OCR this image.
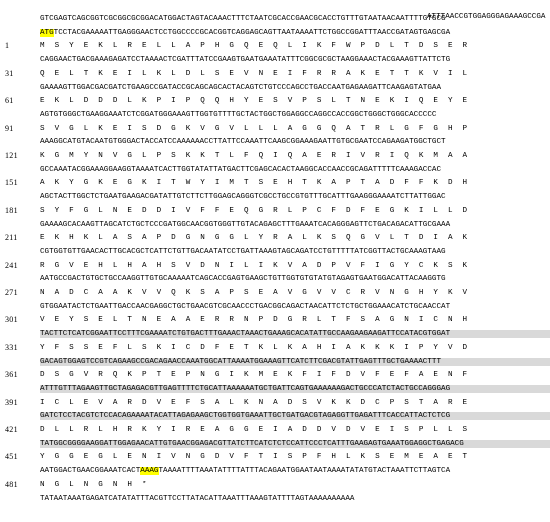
ATTTAACCGTGGAGGGAGAAAGCCGA

GTCGAGTCAGCGGTCGCGGCGCGGACATGGACTAGTACAAACTTTCTAATCGCACCGAACGCACCTGTTTGTAATAACAATTTTGTGCG
ATGTCCTACGAAAAATTGAGGGAACTCCTGGCCCCGCACGGTCAGGAGCAGTTAATAAAATTCTGGCCGGATTTAACCGATAGTGAGCGA
1	M  S  Y  E  K  L  R  E  L  L  A  P  H  G  Q  E  Q  L  I  K  F  W  P  D  L  T  D  S  E  R
CAGGAACTGACGAAAGAGATCCTAAAACTCGATTTATCCGAAGTGAATGAAATATTTCGGCGCGCTAAGGAAACTACGAAAGTTATTCTG
31	Q  E  L  T  K  E  I  L  K  L  D  L  S  E  V  N  E  I  F  R  R  A  K  E  T  T  K  V  I  L
GAAAAGTTGGACGACGATCTGAAGCCGATACCGCAGCAGCACTACAGTCTGTCCCAGCCTGACCAATGAGAAGATTCAAGAGTATGAA
61	E  K  L  D  D  D  L  K  P  I  P  Q  Q  H  Y  E  S  V  P  S  L  T  N  E  K  I  Q  E  Y  E
AGTGTGGGCTGAAGGAAATCTCGGATGGGAAAGTTGGTGTTTTGCTACTGGCTGGAGGCCAGGCCACCGGCTGGGCTGGGCACCCCC
91	S  V  G  L  K  E  I  S  D  G  K  V  G  V  L  L  L  A  G  G  Q  A  T  R  L  G  F  G  H  P
AAAGGCATGTACAATGTGGGACTACCATCCAAAAAACCTTATTCCAAATTCAAGCGGAAAGAATTGTGCGAATCCAGAAGATGGCTGCT
121	K  G  M  Y  N  V  G  L  P  S  K  K  T  L  F  Q  I  Q  A  E  R  I  V  R  I  Q  K  M  A  A
GCCAAATACGGAAAGGAAGGTAAAATCACTTGGTATATTATGACTTCGAGCACACTAAGGCACCAACCGCAGATTTTTCAAAGACCAC
151	A  K  Y  G  K  E  G  K  I  T  W  Y  I  M  T  S  E  H  T  K  A  P  T  A  D  F  F  K  D  H
AGCTACTTGGCTCTGAATGAAGACGATATTGTCTTCTTGGAGCAGGGTCGCCTGCCGTGTTTGCATTTGAAGGGAAAATCTTATTGGAC
181	S  Y  F  G  L  N  E  D  D  I  V  F  F  E  Q  G  R  L  P  C  F  D  F  E  G  K  I  L  L  D
GAAAAGCACAAGTTAGCATCTGCTCCCGATGGCAACGGTGGGTTGTACAGAGCTTTGAAATCACAGGGAGTTCTGACAGACATTGCGAAA
211	E  K  H  K  L  A  S  A  P  D  G  N  G  G  L  Y  R  A  L  K  S  Q  G  V  L  T  D  I  A  K
CGTGGTGTTGAACACTTGCACGCTCATTCTGTTGACAATATCCTGATTAAAGTAGCAGATCCTGTTTTTATCGGTTACTGCAAAGTAAG
241	R  G  V  E  H  L  H  A  H  S  V  D  N  I  L  I  K  V  A  D  P  V  F  I  G  Y  C  K  S  K
AATGCCGACTGTGCTGCCAAGGTTGTGCAAAAATCAGCACCGAGTGAAGCTGTTGGTGTGTATGTAGAGTGAATGGACATTACAAGGTG
271	N  A  D  C  A  A  K  V  V  Q  K  S  A  P  S  E  A  V  G  V  V  C  R  V  N  G  H  Y  K  V
GTGGAATACTCTGAATTGACCAACGAGGCTGCTGAACGTCGCAACCCTGACGGCAGACTAACATTCTCTGCTGGAAACATCTGCAACCAT
301	V  E  Y  S  E  L  T  N  E  A  A  E  R  R  N  P  D  G  R  L  T  F  S  A  G  N  I  C  N  H
TACTTCTCATCGGAATTCCTTTCGAAAATCTGTGACTTTGAAACTAAACTGAAAGCACATATTGCCAAGAAGAAGATTCCATACGTGGAT
331	Y  F  S  S  E  F  L  S  K  I  C  D  F  E  T  K  L  K  A  H  I  A  K  K  K  I  P  Y  V  D
GACAGTGGAGTCCGTCAGAAGCCGACAGAACCAAATGGCATTAAAATGGAAAGTTCATCTTCGACGTATTGAGTTTGCTGAAAACTTT
361	D  S  G  V  R  Q  K  P  T  E  P  N  G  I  K  M  E  K  F  I  F  D  V  F  E  F  A  E  N  F
ATTTGTTTAGAAGTTGCTAGAGACGTTGAGTTTTCTGCATTAAAAAATGCTGATTCAGTGAAAAAAGACTGCCCATCTACTGCCAGGGAG
391	I  C  L  E  V  A  R  D  V  E  F  S  A  L  K  N  A  D  S  V  K  K  D  C  P  S  T  A  R  E
GATCTCCTACGTCTCCACAGAAAATACATTAGAGAAGCTGGTGGTGAAATTGCTGATGACGTAGAGGTTGAGATTTCACCATTACTCTCG
421	D  L  L  R  L  H  R  K  Y  I  R  E  A  G  G  E  I  A  D  D  V  D  V  E  I  S  P  L  L  S
TATGGCGGGGAAGGATTGGAGAACATTGTGAACGGAGACGTTATCTTCATCTCTCCATTCCCTCATTTGAAGAGTGAAATGGAGGCTGAGACG
451	Y  G  G  E  G  L  E  N  I  V  N  G  D  V  F  T  I  S  P  F  H  L  K  S  E  M  E  A  E  T
AATGGACTGAACGGAAATCACTAAAGTAAAATTTTAAATATTTTATTTACAGAATGGAATAATAAAATATATGTACTAAATTCTTAGTCA
481	N  G  L  N  G  N  H  *
TATAATAAATGAGATCATATATTTACGTTCCTTATACATTAAATTTAAAGTATTTTAGTAAAAAAAAAA
